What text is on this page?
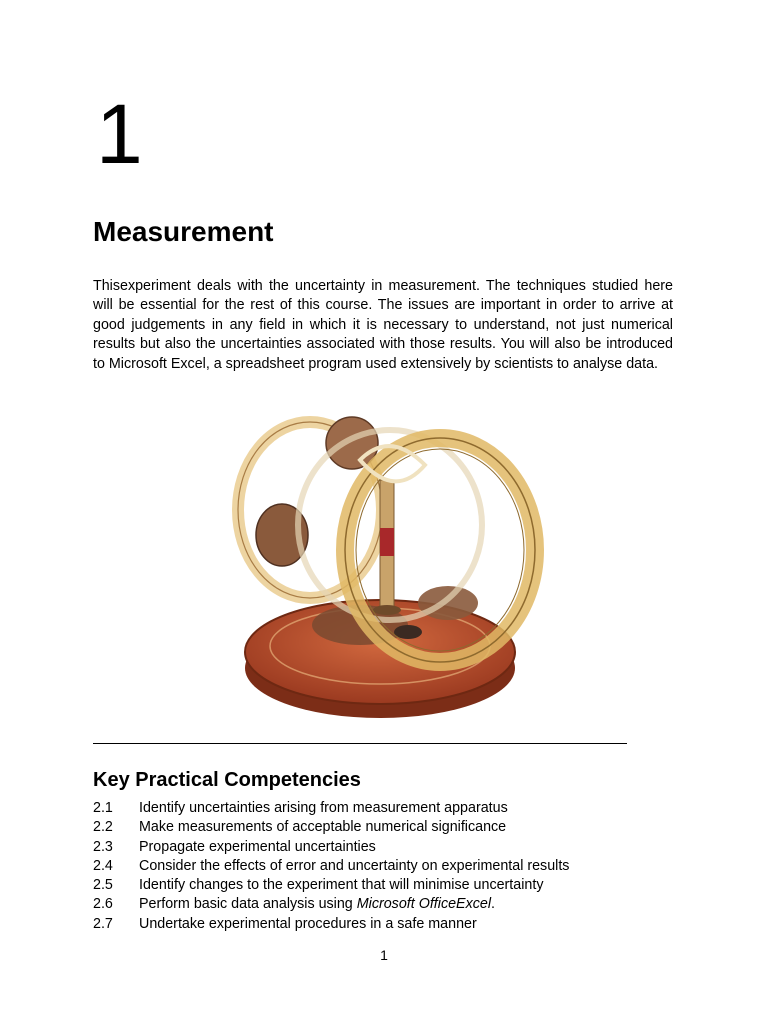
1
Measurement

Thisexperiment deals with the uncertainty in measurement. The techniques studied here will be essential for the rest of this course. The issues are important in order to arrive at good judgements in any field in which it is necessary to understand, not just numerical results but also the uncertainties associated with those results. You will also be introduced to Microsoft Excel, a spreadsheet program used extensively by scientists to analyse data.

Key Practical Competencies
2.1 Identify uncertainties arising from measurement apparatus
2.2 Make measurements of acceptable numerical significance
2.3 Propagate experimental uncertainties
2.4 Consider the effects of error and uncertainty on experimental results
2.5 Identify changes to the experiment that will minimise uncertainty
2.6 Perform basic data analysis using Microsoft OfficeExcel.
2.7 Undertake experimental procedures in a safe manner
1
